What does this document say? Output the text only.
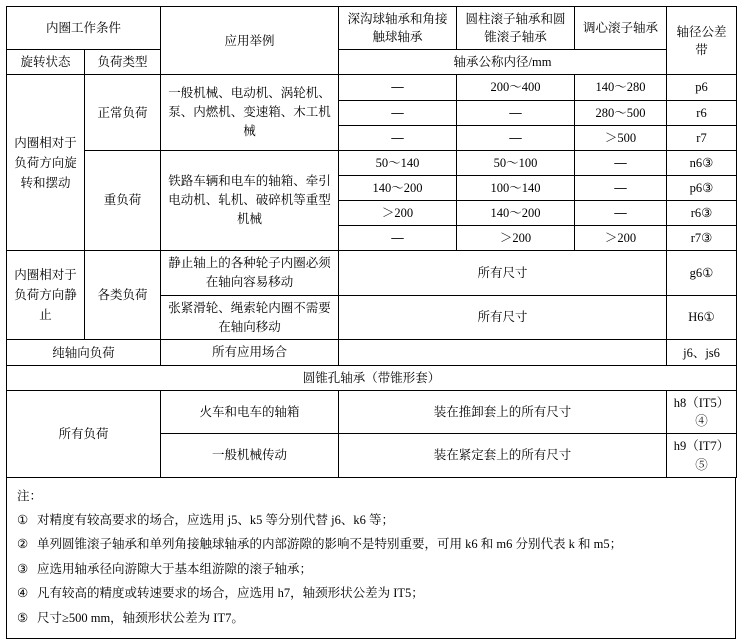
内圈工作条件		应用举例	深沟球轴承和角接触球轴承	圆柱滚子轴承和圆锥滚子轴承	调心滚子轴承	轴径公差带
旋转状态	负荷类型		轴承公称内径/mm			
内圈相对于负荷方向旋转和摆动	正常负荷	一般机械、电动机、涡轮机、泵、内燃机、变速箱、木工机械	—	200～400	140～280	p6
			—	—	280～500	r6
			—	—	＞500	r7
	重负荷	铁路车辆和电车的轴箱、牵引电动机、轧机、破碎机等重型机械	50～140	50～100	—	n6③
			140～200	100～140	—	p6③
			＞200	140～200	—	r6③
			—	＞200	＞200	r7③
内圈相对于负荷方向静止	各类负荷	静止轴上的各种轮子内圈必须在轴向容易移动	所有尺寸			g6①
		张紧滑轮、绳索轮内圈不需要在轴向移动	所有尺寸			H6①
纯轴向负荷		所有应用场合				j6、js6
圆锥孔轴承（带锥形套）						
所有负荷		火车和电车的轴箱	装在推卸套上的所有尺寸			h8（IT5）④
		一般机械传动	装在紧定套上的所有尺寸			h9（IT7）⑤
注：
① 对精度有较高要求的场合，应选用 j5、k5 等分别代替 j6、k6 等；
② 单列圆锥滚子轴承和单列角接触球轴承的内部游隙的影响不是特别重要，可用 k6 和 m6 分别代表 k 和 m5；
③ 应选用轴承径向游隙大于基本组游隙的滚子轴承；
④ 凡有较高的精度或转速要求的场合，应选用 h7，轴颈形状公差为 IT5；
⑤ 尺寸≥500 mm，轴颈形状公差为 IT7。
